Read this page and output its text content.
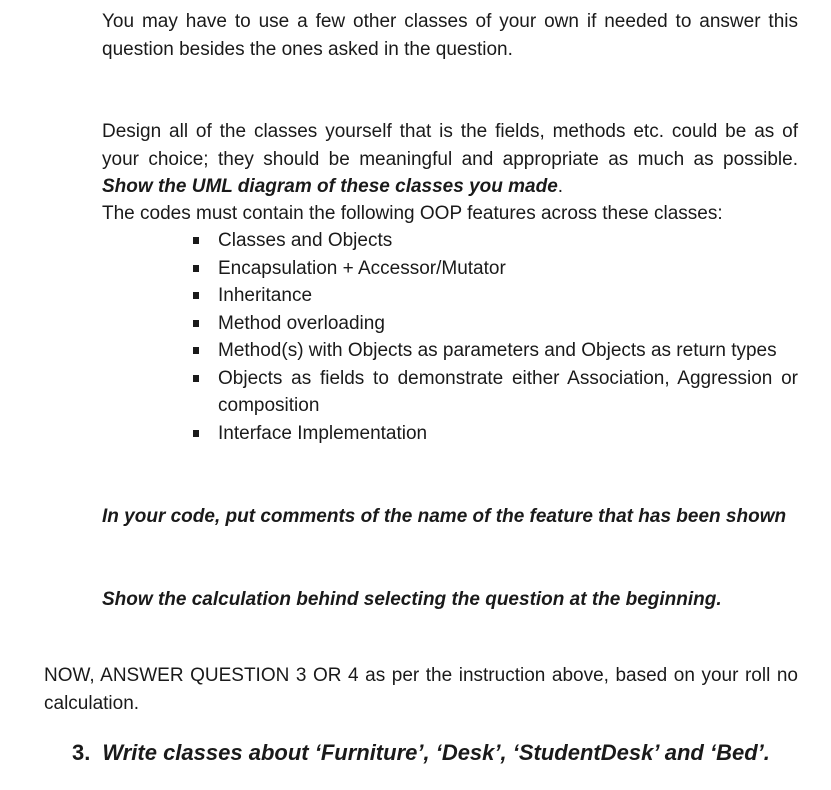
You may have to use a few other classes of your own if needed to answer this question besides the ones asked in the question.

Design all of the classes yourself that is the fields, methods etc. could be as of your choice; they should be meaningful and appropriate as much as possible. Show the UML diagram of these classes you made.

The codes must contain the following OOP features across these classes:

Classes and Objects
Encapsulation + Accessor/Mutator
Inheritance
Method overloading
Method(s) with Objects as parameters and Objects as return types
Objects as fields to demonstrate either Association, Aggression or composition
Interface Implementation

In your code, put comments of the name of the feature that has been shown

Show the calculation behind selecting the question at the beginning.

NOW, ANSWER QUESTION 3 OR 4 as per the instruction above, based on your roll no calculation.

3. Write classes about ‘Furniture’, ‘Desk’, ‘StudentDesk’ and ‘Bed’.
